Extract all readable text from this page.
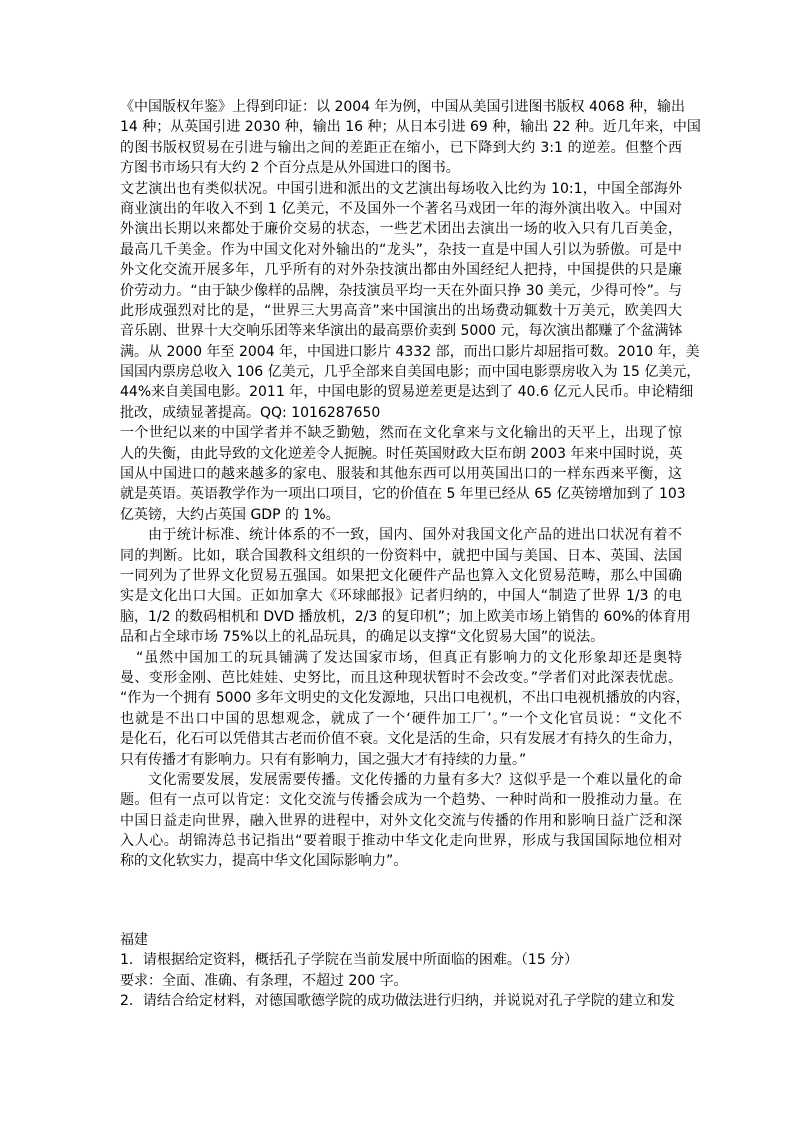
《中国版权年鉴》上得到印证：以 2004 年为例，中国从美国引进图书版权 4068 种，输出
14 种；从英国引进 2030 种，输出 16 种；从日本引进 69 种，输出 22 种。近几年来，中国
的图书版权贸易在引进与输出之间的差距正在缩小，已下降到大约 3:1 的逆差。但整个西
方图书市场只有大约 2 个百分点是从外国进口的图书。
文艺演出也有类似状况。中国引进和派出的文艺演出每场收入比约为 10:1，中国全部海外
商业演出的年收入不到 1 亿美元，不及国外一个著名马戏团一年的海外演出收入。中国对
外演出长期以来都处于廉价交易的状态，一些艺术团出去演出一场的收入只有几百美金，
最高几千美金。作为中国文化对外输出的“龙头”，杂技一直是中国人引以为骄傲。可是中
外文化交流开展多年，几乎所有的对外杂技演出都由外国经纪人把持，中国提供的只是廉
价劳动力。“由于缺少像样的品牌，杂技演员平均一天在外面只挣 30 美元，少得可怜”。与
此形成强烈对比的是，“世界三大男高音”来中国演出的出场费动辄数十万美元，欧美四大
音乐剧、世界十大交响乐团等来华演出的最高票价卖到 5000 元，每次演出都赚了个盆满钵
满。从 2000 年至 2004 年，中国进口影片 4332 部，而出口影片却屈指可数。2010 年，美
国国内票房总收入 106 亿美元，几乎全部来自美国电影；而中国电影票房收入为 15 亿美元，
44%来自美国电影。2011 年，中国电影的贸易逆差更是达到了 40.6 亿元人民币。申论精细
批改，成绩显著提高。QQ: 1016287650
一个世纪以来的中国学者并不缺乏勤勉，然而在文化拿来与文化输出的天平上，出现了惊
人的失衡，由此导致的文化逆差令人扼腕。时任英国财政大臣布朗 2003 年来中国时说，英
国从中国进口的越来越多的家电、服装和其他东西可以用英国出口的一样东西来平衡，这
就是英语。英语教学作为一项出口项目，它的价值在 5 年里已经从 65 亿英镑增加到了 103
亿英镑，大约占英国 GDP 的 1%。
由于统计标准、统计体系的不一致，国内、国外对我国文化产品的进出口状况有着不
同的判断。比如，联合国教科文组织的一份资料中，就把中国与美国、日本、英国、法国
一同列为了世界文化贸易五强国。如果把文化硬件产品也算入文化贸易范畴，那么中国确
实是文化出口大国。正如加拿大《环球邮报》记者归纳的，中国人“制造了世界 1/3 的电
脑，1/2 的数码相机和 DVD 播放机，2/3 的复印机”；加上欧美市场上销售的 60%的体育用
品和占全球市场 75%以上的礼品玩具，的确足以支撑“文化贸易大国”的说法。
“虽然中国加工的玩具铺满了发达国家市场，但真正有影响力的文化形象却还是奥特
曼、变形金刚、芭比娃娃、史努比，而且这种现状暂时不会改变。”学者们对此深表忧虑。
“作为一个拥有 5000 多年文明史的文化发源地，只出口电视机，不出口电视机播放的内容，
也就是不出口中国的思想观念，就成了一个‘硬件加工厂’。”一个文化官员说：“文化不
是化石，化石可以凭借其古老而价值不衰。文化是活的生命，只有发展才有持久的生命力，
只有传播才有影响力。只有有影响力，国之强大才有持续的力量。”
文化需要发展，发展需要传播。文化传播的力量有多大？这似乎是一个难以量化的命
题。但有一点可以肯定：文化交流与传播会成为一个趋势、一种时尚和一股推动力量。在
中国日益走向世界，融入世界的进程中，对外文化交流与传播的作用和影响日益广泛和深
入人心。胡锦涛总书记指出“要着眼于推动中华文化走向世界，形成与我国国际地位相对
称的文化软实力，提高中华文化国际影响力”。
福建
1．请根据给定资料，概括孔子学院在当前发展中所面临的困难。（15 分）
要求：全面、准确、有条理，不超过 200 字。
2．请结合给定材料，对德国歌德学院的成功做法进行归纳，并说说对孔子学院的建立和发
